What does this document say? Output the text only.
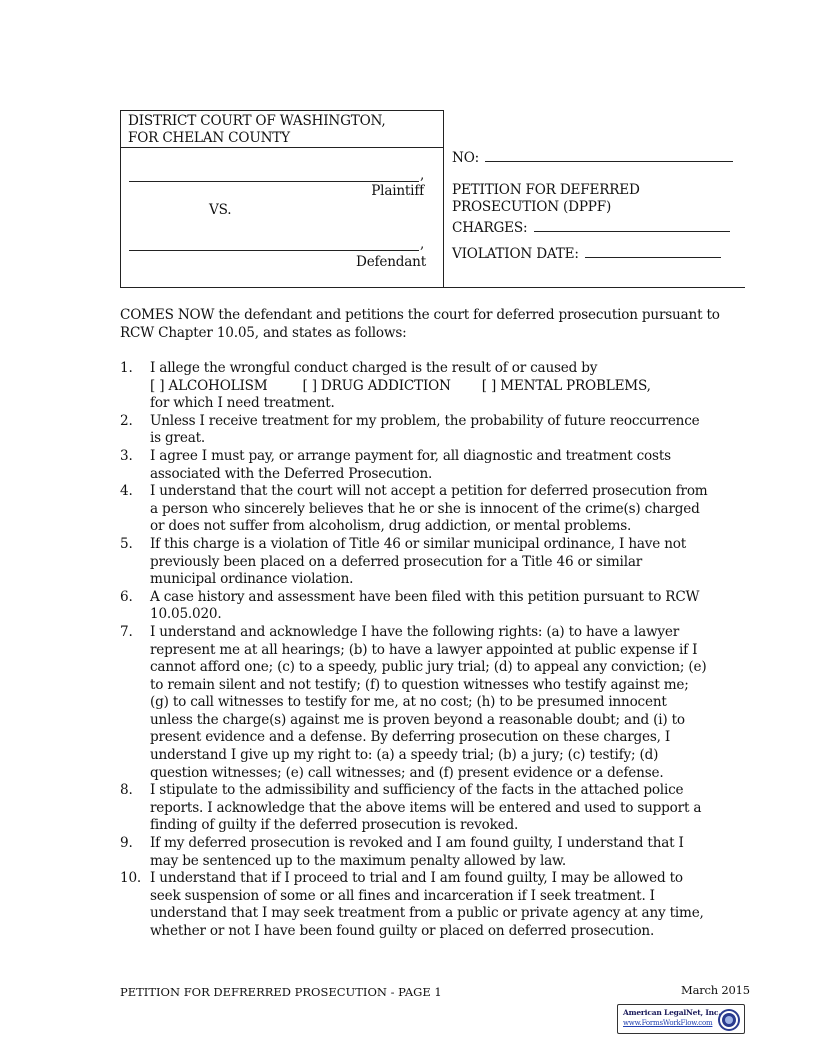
DISTRICT COURT OF WASHINGTON,
FOR CHELAN COUNTY
,
Plaintiff
VS.
,
Defendant
NO:
PETITION FOR DEFERRED
PROSECUTION (DPPF)
CHARGES:
VIOLATION DATE:
COMES NOW the defendant and petitions the court for deferred prosecution pursuant to RCW Chapter 10.05, and states as follows:
1. I allege the wrongful conduct charged is the result of or caused by
[ ] ALCOHOLISM	[ ] DRUG ADDICTION [ ] MENTAL PROBLEMS,
for which I need treatment.
2. Unless I receive treatment for my problem, the probability of future reoccurrence is great.
3. I agree I must pay, or arrange payment for, all diagnostic and treatment costs associated with the Deferred Prosecution.
4. I understand that the court will not accept a petition for deferred prosecution from a person who sincerely believes that he or she is innocent of the crime(s) charged or does not suffer from alcoholism, drug addiction, or mental problems.
5. If this charge is a violation of Title 46 or similar municipal ordinance, I have not previously been placed on a deferred prosecution for a Title 46 or similar municipal ordinance violation.
6. A case history and assessment have been filed with this petition pursuant to RCW 10.05.020.
7. I understand and acknowledge I have the following rights: (a) to have a lawyer represent me at all hearings; (b) to have a lawyer appointed at public expense if I cannot afford one; (c) to a speedy, public jury trial; (d) to appeal any conviction; (e) to remain silent and not testify; (f) to question witnesses who testify against me; (g) to call witnesses to testify for me, at no cost; (h) to be presumed innocent unless the charge(s) against me is proven beyond a reasonable doubt; and (i) to present evidence and a defense. By deferring prosecution on these charges, I understand I give up my right to: (a) a speedy trial; (b) a jury; (c) testify; (d) question witnesses; (e) call witnesses; and (f) present evidence or a defense.
8. I stipulate to the admissibility and sufficiency of the facts in the attached police reports. I acknowledge that the above items will be entered and used to support a finding of guilty if the deferred prosecution is revoked.
9. If my deferred prosecution is revoked and I am found guilty, I understand that I may be sentenced up to the maximum penalty allowed by law.
10. I understand that if I proceed to trial and I am found guilty, I may be allowed to seek suspension of some or all fines and incarceration if I seek treatment. I understand that I may seek treatment from a public or private agency at any time, whether or not I have been found guilty or placed on deferred prosecution.
PETITION FOR DEFRERRED PROSECUTION - PAGE 1	March 2015
American LegalNet, Inc.
www.FormsWorkFlow.com
